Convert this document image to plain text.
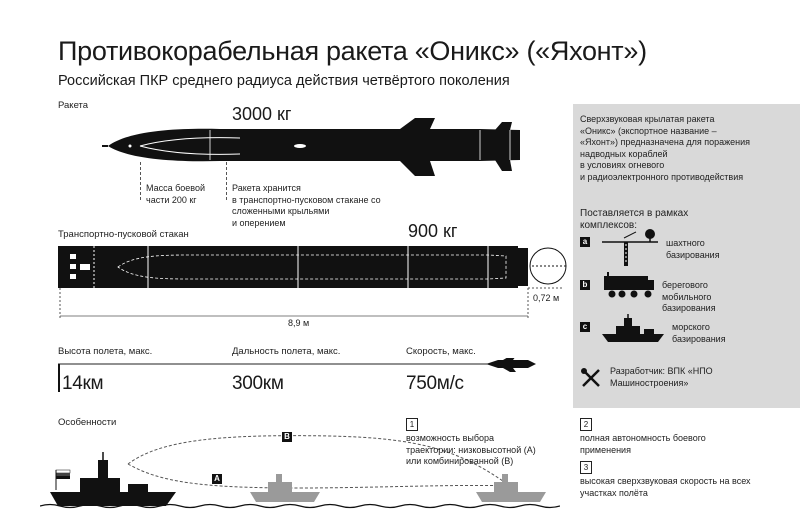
Противокорабельная ракета «Оникс» («Яхонт»)
Российская ПКР среднего радиуса действия четвёртого поколения
Ракета	3000 кг
Масса боевой
части 200 кг
Ракета хранится
в транспортно-пусковом стакане со
сложенными крыльями
и оперением
Транспортно-пусковой стакан	900 кг
0,72 м
8,9 м
Высота полета, макс.	Дальность полета, макс.	Скорость, макс.
14км	300км	750м/с
Сверхзвуковая крылатая ракета
«Оникс» (экспортное название –
«Яхонт») предназначена для поражения
надводных кораблей
в условиях огневого
и радиоэлектронного противодействия
Поставляется в рамках
комплексов:
a	шахтного
базирования
b	берегового
мобильного
базирования
c	морского
базирования
Разработчик: ВПК «НПО
Машиностроения»
Особенности
A
B
1
возможность выбора
траектории: низковысотной (А)
или комбинированной (В)
2
полная автономность боевого
применения
3
высокая сверхзвуковая скорость на всех
участках полёта
